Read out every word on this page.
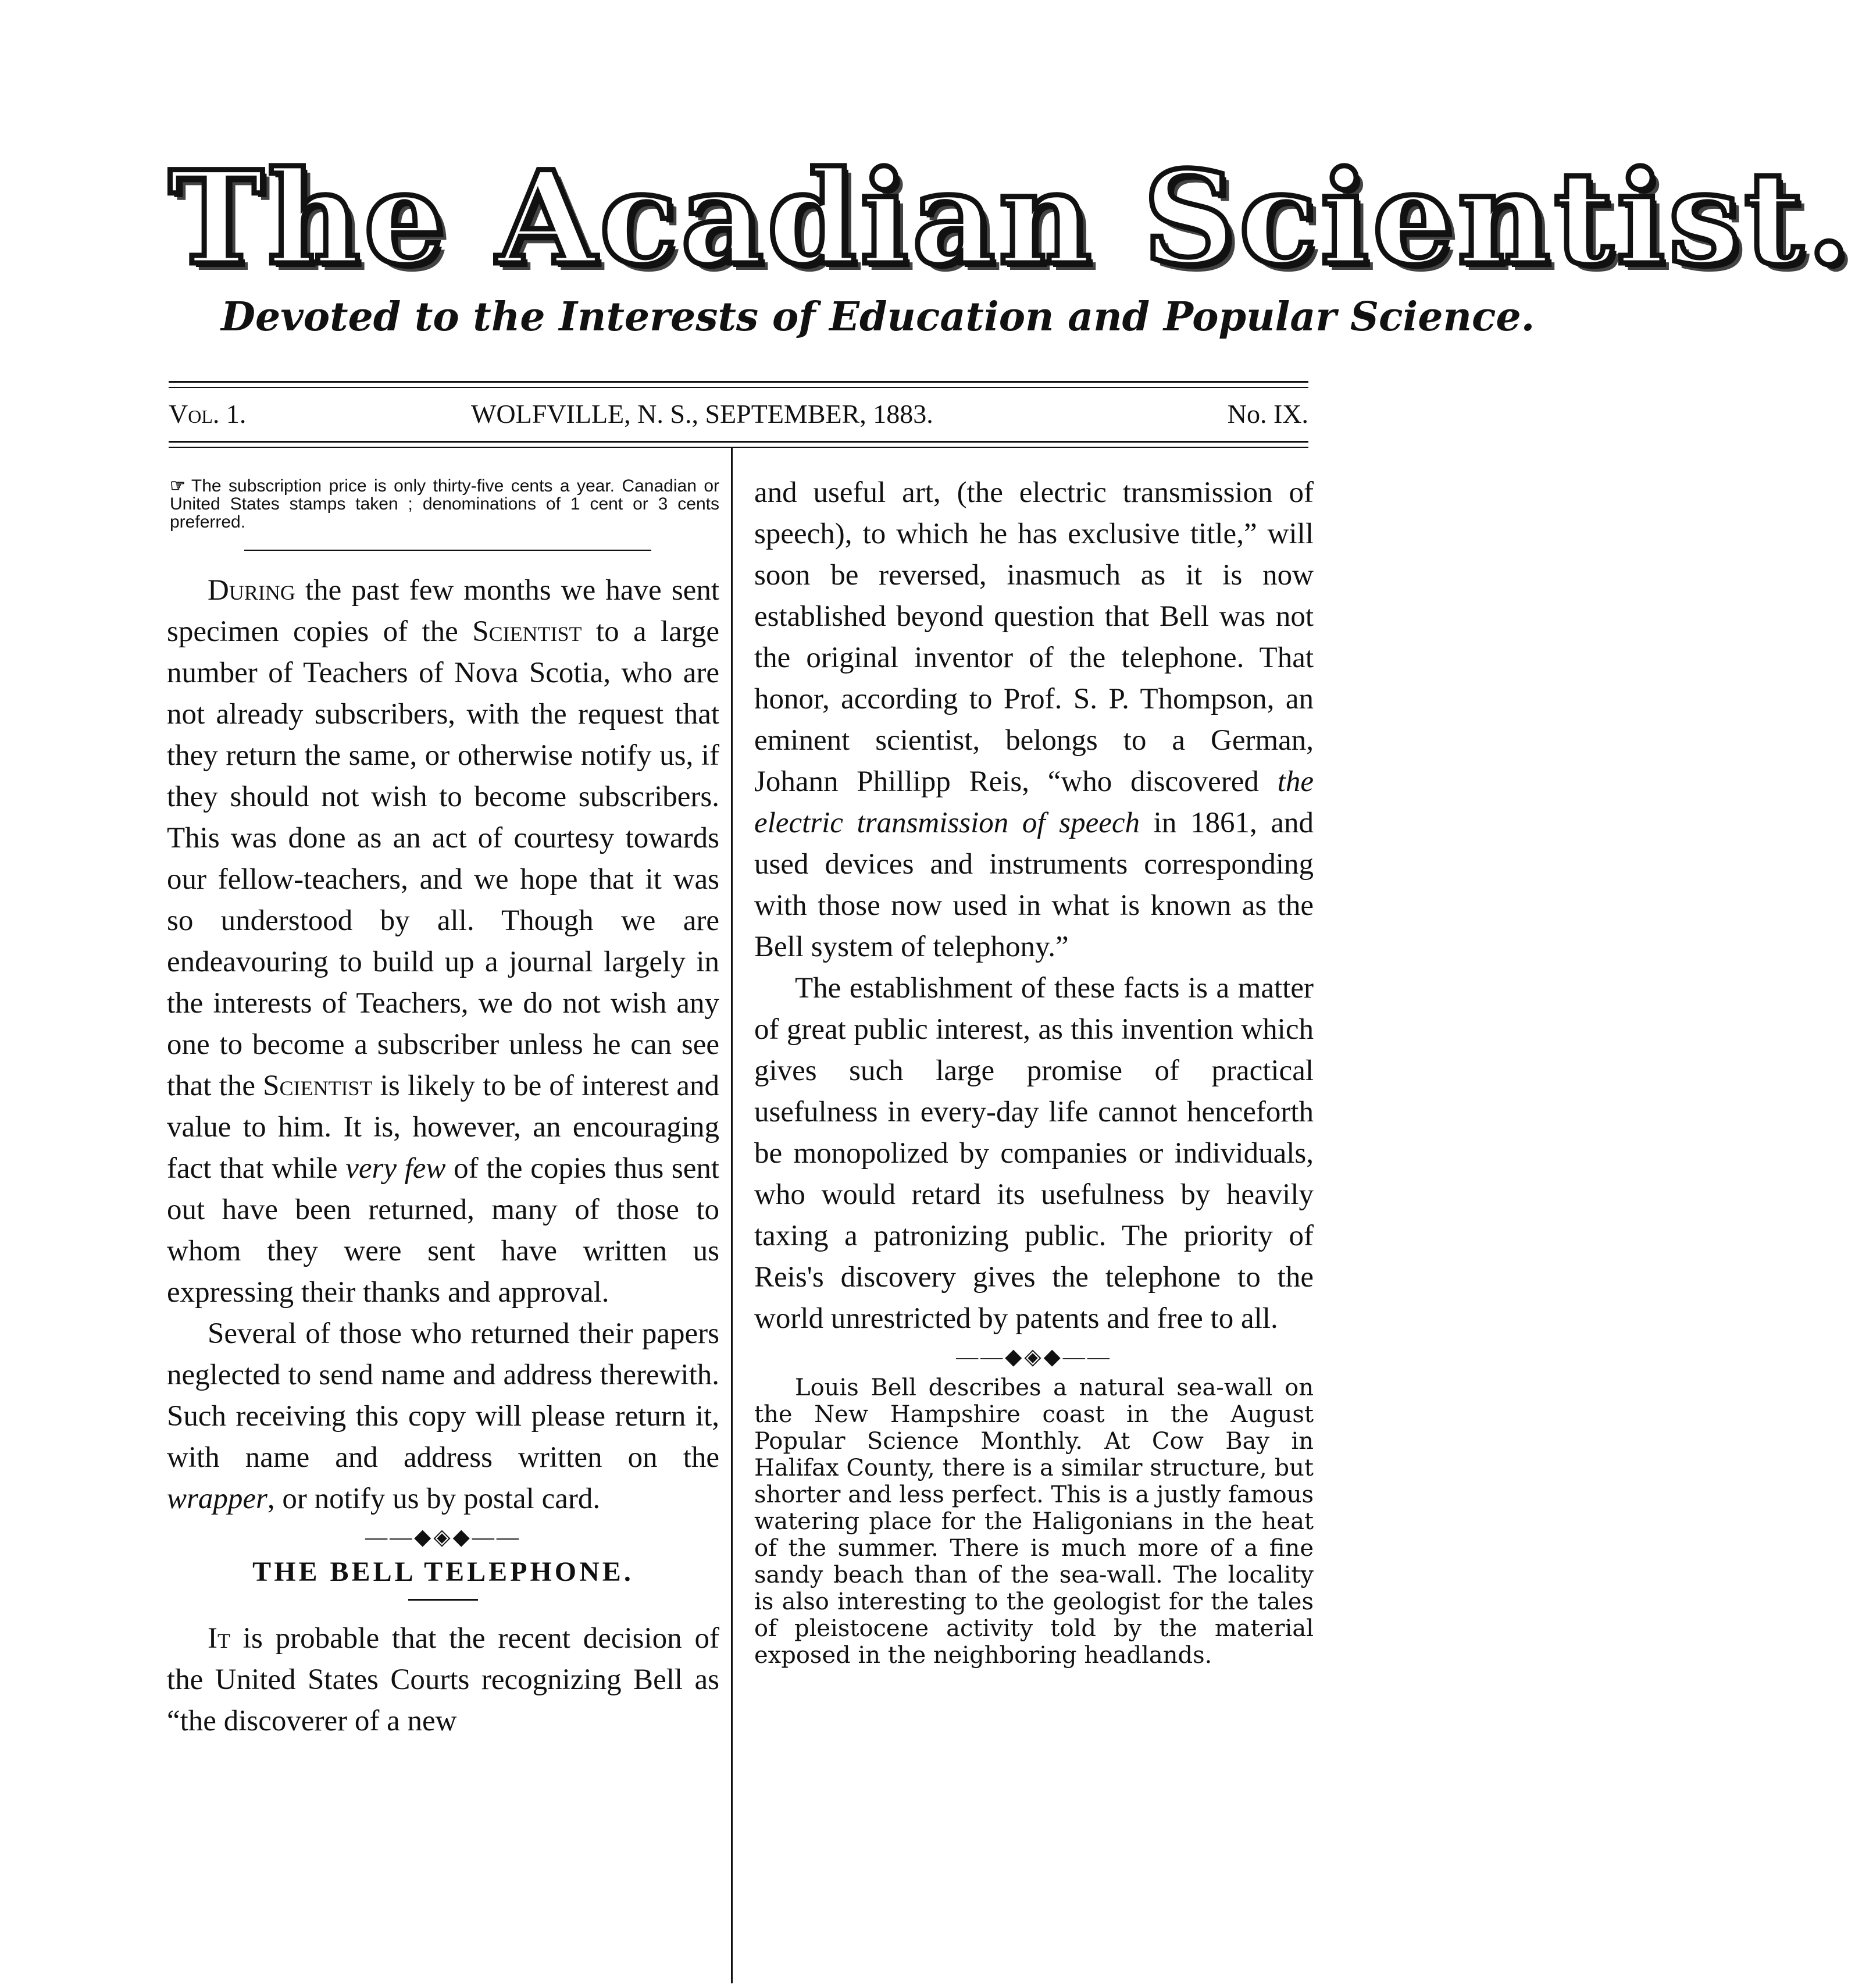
The Acadian Scientist.
Devoted to the Interests of Education and Popular Science.
Vol. 1.	WOLFVILLE, N. S., SEPTEMBER, 1883.	No. IX.
☞ The subscription price is only thirty-five cents a year. Canadian or United States stamps taken ; denominations of 1 cent or 3 cents preferred.

During the past few months we have sent specimen copies of the Scientist to a large number of Teachers of Nova Scotia, who are not already subscribers, with the request that they return the same, or otherwise notify us, if they should not wish to become subscribers. This was done as an act of courtesy towards our fellow-teachers, and we hope that it was so understood by all. Though we are endeavouring to build up a journal largely in the interests of Teachers, we do not wish any one to become a subscriber unless he can see that the Scientist is likely to be of interest and value to him. It is, however, an encouraging fact that while very few of the copies thus sent out have been returned, many of those to whom they were sent have written us expressing their thanks and approval.

Several of those who returned their papers neglected to send name and address therewith. Such receiving this copy will please return it, with name and address written on the wrapper, or notify us by postal card.

——◆◈◆——
THE BELL TELEPHONE.

It is probable that the recent decision of the United States Courts recognizing Bell as “the discoverer of a new

and useful art, (the electric transmission of speech), to which he has exclusive title,” will soon be reversed, inasmuch as it is now established beyond question that Bell was not the original inventor of the telephone. That honor, according to Prof. S. P. Thompson, an eminent scientist, belongs to a German, Johann Phillipp Reis, “who discovered the electric transmission of speech in 1861, and used devices and instruments corresponding with those now used in what is known as the Bell system of telephony.”

The establishment of these facts is a matter of great public interest, as this invention which gives such large promise of practical usefulness in every-day life cannot henceforth be monopolized by companies or individuals, who would retard its usefulness by heavily taxing a patronizing public. The priority of Reis's discovery gives the telephone to the world unrestricted by patents and free to all.

——◆◈◆——

Louis Bell describes a natural sea-wall on the New Hampshire coast in the August Popular Science Monthly. At Cow Bay in Halifax County, there is a similar structure, but shorter and less perfect. This is a justly famous watering place for the Haligonians in the heat of the summer. There is much more of a fine sandy beach than of the sea-wall. The locality is also interesting to the geologist for the tales of pleistocene activity told by the material exposed in the neighboring headlands.
